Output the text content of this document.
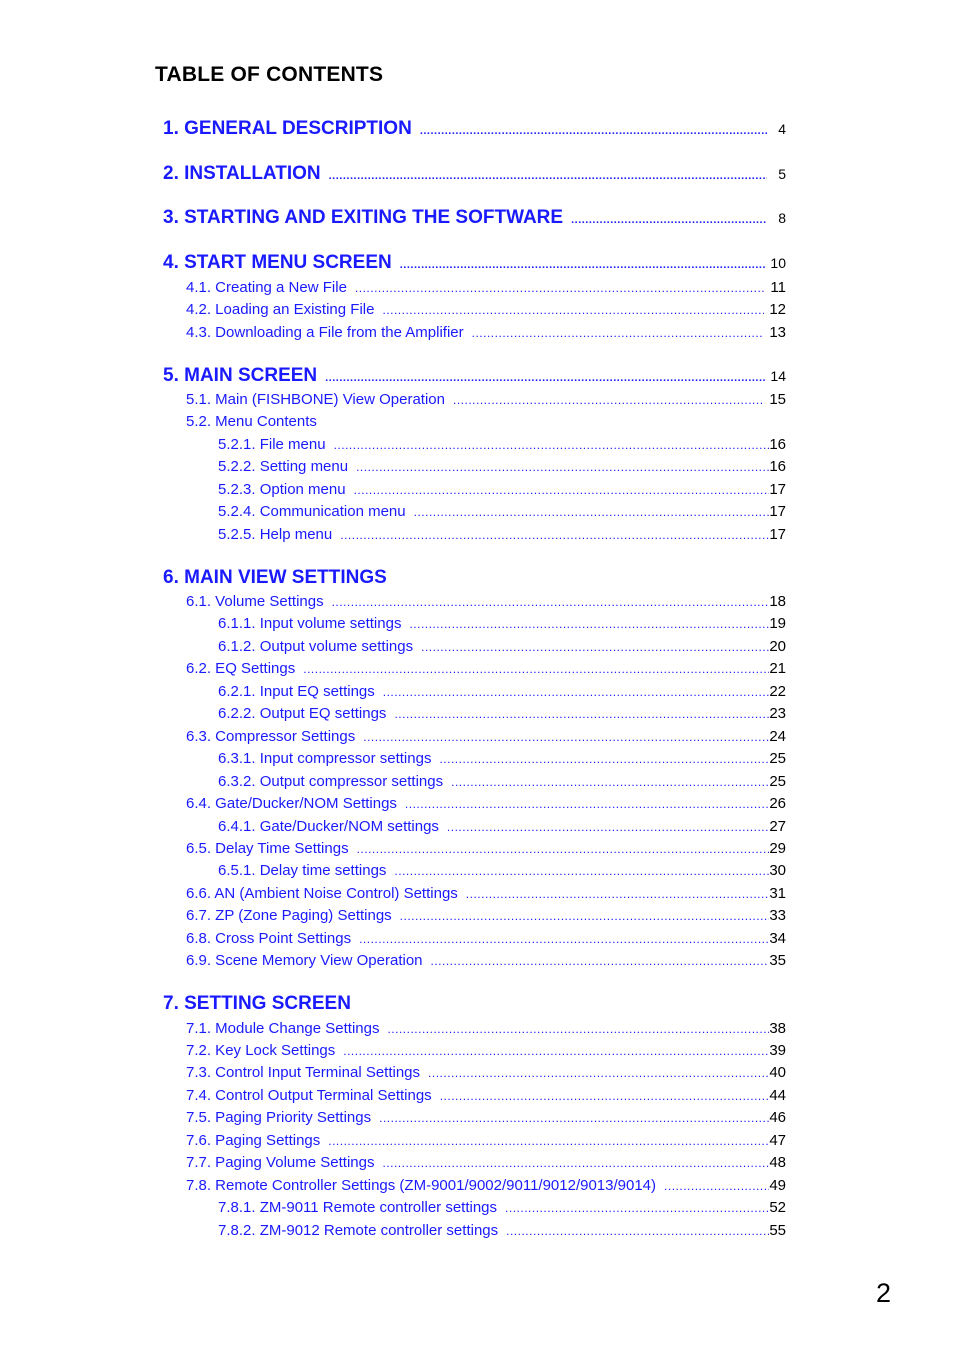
TABLE OF CONTENTS
1. GENERAL DESCRIPTION .....	4
2. INSTALLATION .....	5
3. STARTING AND EXITING THE SOFTWARE .....	8
4. START MENU SCREEN .....	10
4.1. Creating a New File .....	11
4.2. Loading an Existing File .....	12
4.3. Downloading a File from the Amplifier .....	13
5. MAIN SCREEN .....	14
5.1. Main (FISHBONE) View Operation .....	15
5.2. Menu Contents
5.2.1. File menu .....	16
5.2.2. Setting menu .....	16
5.2.3. Option menu .....	17
5.2.4. Communication menu .....	17
5.2.5. Help menu .....	17
6. MAIN VIEW SETTINGS
6.1. Volume Settings .....	18
6.1.1. Input volume settings .....	19
6.1.2. Output volume settings .....	20
6.2. EQ Settings .....	21
6.2.1. Input EQ settings .....	22
6.2.2. Output EQ settings .....	23
6.3. Compressor Settings .....	24
6.3.1. Input compressor settings .....	25
6.3.2. Output compressor settings .....	25
6.4. Gate/Ducker/NOM Settings .....	26
6.4.1. Gate/Ducker/NOM settings .....	27
6.5. Delay Time Settings .....	29
6.5.1. Delay time settings .....	30
6.6. AN (Ambient Noise Control) Settings .....	31
6.7. ZP (Zone Paging) Settings .....	33
6.8. Cross Point Settings .....	34
6.9. Scene Memory View Operation .....	35
7. SETTING SCREEN
7.1. Module Change Settings .....	38
7.2. Key Lock Settings .....	39
7.3. Control Input Terminal Settings .....	40
7.4. Control Output Terminal Settings .....	44
7.5. Paging Priority Settings .....	46
7.6. Paging Settings .....	47
7.7. Paging Volume Settings .....	48
7.8. Remote Controller Settings (ZM-9001/9002/9011/9012/9013/9014) .....	49
7.8.1. ZM-9011 Remote controller settings .....	52
7.8.2. ZM-9012 Remote controller settings .....	55
2
